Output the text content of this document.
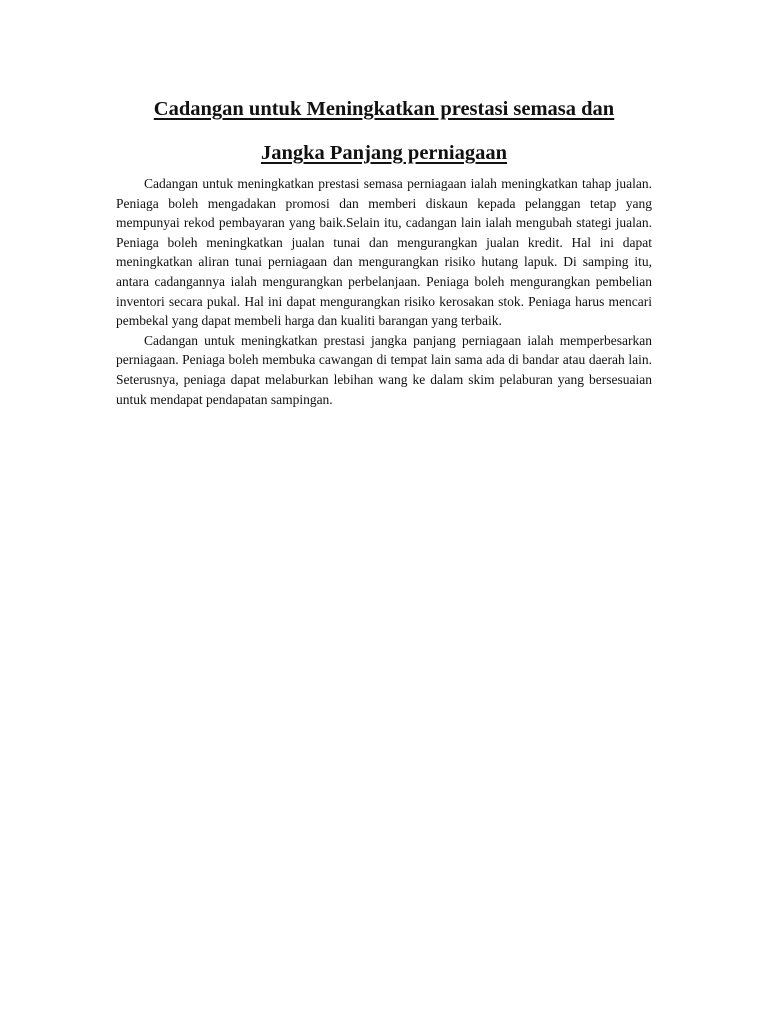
Cadangan untuk Meningkatkan prestasi semasa dan
Jangka Panjang perniagaan

Cadangan untuk meningkatkan prestasi semasa perniagaan ialah meningkatkan tahap jualan. Peniaga boleh mengadakan promosi dan memberi diskaun kepada pelanggan tetap yang mempunyai rekod pembayaran yang baik.Selain itu, cadangan lain ialah mengubah stategi jualan. Peniaga boleh meningkatkan jualan tunai dan mengurangkan jualan kredit. Hal ini dapat meningkatkan aliran tunai perniagaan dan mengurangkan risiko hutang lapuk. Di samping itu, antara cadangannya ialah mengurangkan perbelanjaan. Peniaga boleh mengurangkan pembelian inventori secara pukal. Hal ini dapat mengurangkan risiko kerosakan stok. Peniaga harus mencari pembekal yang dapat membeli harga dan kualiti barangan yang terbaik.

Cadangan untuk meningkatkan prestasi jangka panjang perniagaan ialah memperbesarkan perniagaan. Peniaga boleh membuka cawangan di tempat lain sama ada di bandar atau daerah lain. Seterusnya, peniaga dapat melaburkan lebihan wang ke dalam skim pelaburan yang bersesuaian untuk mendapat pendapatan sampingan.
